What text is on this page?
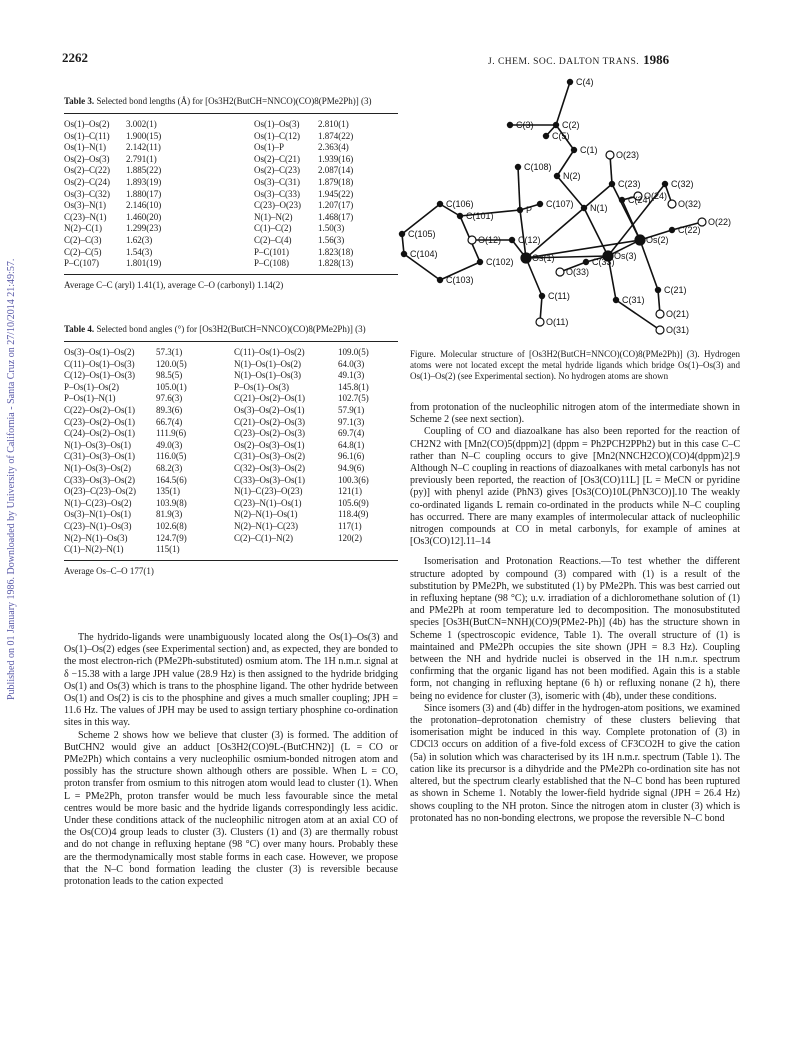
2262	J. CHEM. SOC. DALTON TRANS. 1986
Published on 01 January 1986. Downloaded by University of California - Santa Cruz on 27/10/2014 21:49:57.
Table 3. Selected bond lengths (Å) for [Os3H2(ButCH=NNCO)(CO)8(PMe2Ph)] (3)
Os(1)–Os(2)	3.002(1)	Os(1)–Os(3)	2.810(1)
Os(1)–C(11)	1.900(15)	Os(1)–C(12)	1.874(22)
Os(1)–N(1)	2.142(11)	Os(1)–P	2.363(4)
Os(2)–Os(3)	2.791(1)	Os(2)–C(21)	1.939(16)
Os(2)–C(22)	1.885(22)	Os(2)–C(23)	2.087(14)
Os(2)–C(24)	1.893(19)	Os(3)–C(31)	1.879(18)
Os(3)–C(32)	1.880(17)	Os(3)–C(33)	1.945(22)
Os(3)–N(1)	2.146(10)	C(23)–O(23)	1.207(17)
C(23)–N(1)	1.460(20)	N(1)–N(2)	1.468(17)
N(2)–C(1)	1.299(23)	C(1)–C(2)	1.50(3)
C(2)–C(3)	1.62(3)	C(2)–C(4)	1.56(3)
C(2)–C(5)	1.54(3)	P–C(101)	1.823(18)
P–C(107)	1.801(19)	P–C(108)	1.828(13)
Average C–C (aryl) 1.41(1), average C–O (carbonyl) 1.14(2)
Table 4. Selected bond angles (°) for [Os3H2(ButCH=NNCO)(CO)8(PMe2Ph)] (3)
Os(3)–Os(1)–Os(2)	57.3(1)	C(11)–Os(1)–Os(2)	109.0(5)
C(11)–Os(1)–Os(3)	120.0(5)	N(1)–Os(1)–Os(2)	64.0(3)
C(12)–Os(1)–Os(3)	98.5(5)	N(1)–Os(1)–Os(3)	49.1(3)
P–Os(1)–Os(2)	105.0(1)	P–Os(1)–Os(3)	145.8(1)
P–Os(1)–N(1)	97.6(3)	C(21)–Os(2)–Os(1)	102.7(5)
C(22)–Os(2)–Os(1)	89.3(6)	Os(3)–Os(2)–Os(1)	57.9(1)
C(23)–Os(2)–Os(1)	66.7(4)	C(21)–Os(2)–Os(3)	97.1(3)
C(24)–Os(2)–Os(1)	111.9(6)	C(23)–Os(2)–Os(3)	69.7(4)
N(1)–Os(3)–Os(1)	49.0(3)	Os(2)–Os(3)–Os(1)	64.8(1)
C(31)–Os(3)–Os(1)	116.0(5)	C(31)–Os(3)–Os(2)	96.1(6)
N(1)–Os(3)–Os(2)	68.2(3)	C(32)–Os(3)–Os(2)	94.9(6)
C(33)–Os(3)–Os(2)	164.5(6)	C(33)–Os(3)–Os(1)	100.3(6)
O(23)–C(23)–Os(2)	135(1)	N(1)–C(23)–O(23)	121(1)
N(1)–C(23)–Os(2)	103.9(8)	C(23)–N(1)–Os(1)	105.6(9)
Os(3)–N(1)–Os(1)	81.9(3)	N(2)–N(1)–Os(1)	118.4(9)
C(23)–N(1)–Os(3)	102.6(8)	N(2)–N(1)–C(23)	117(1)
N(2)–N(1)–Os(3)	124.7(9)	C(2)–C(1)–N(2)	120(2)
C(1)–N(2)–N(1)	115(1)		
Average Os–C–O 177(1)
C(4)
C(3)	C(2)
C(5)
C(1) O(23)
C(108)
N(2)
C(23)	C(32)
O(24)
C(24)	O(32)
C(106)	C(107) N(1)
P
C(101)
O(22)
C(22)
C(105)
O(12) C(12)	Os(2)
C(104)	Os(1)	Os(3)
C(102)	C(33)
O(33)
C(103)
C(11)
C(21)
C(31)
O(21)
O(11)
O(31)
Figure. Molecular structure of [Os3H2(ButCH=NNCO)(CO)8(PMe2Ph)] (3). Hydrogen atoms were not located except the metal hydride ligands which bridge Os(1)–Os(3) and Os(1)–Os(2) (see Experimental section). No hydrogen atoms are shown

The hydrido-ligands were unambiguously located along the Os(1)–Os(3) and Os(1)–Os(2) edges (see Experimental section) and, as expected, they are bonded to the most electron-rich (PMe2Ph-substituted) osmium atom. The 1H n.m.r. signal at δ −15.38 with a large JPH value (28.9 Hz) is then assigned to the hydride bridging Os(1) and Os(3) which is trans to the phosphine ligand. The other hydride between Os(1) and Os(2) is cis to the phosphine and gives a much smaller coupling; JPH = 11.6 Hz. The values of JPH may be used to assign tertiary phosphine co-ordination sites in this way.

Scheme 2 shows how we believe that cluster (3) is formed. The addition of ButCHN2 would give an adduct [Os3H2(CO)9L-(ButCHN2)] (L = CO or PMe2Ph) which contains a very nucleophilic osmium-bonded nitrogen atom and possibly has the structure shown although others are possible. When L = CO, proton transfer from osmium to this nitrogen atom would lead to cluster (1). When L = PMe2Ph, proton transfer would be much less favourable since the metal centres would be more basic and the hydride ligands correspondingly less acidic. Under these conditions attack of the nucleophilic nitrogen atom at an axial CO of the Os(CO)4 group leads to cluster (3). Clusters (1) and (3) are thermally robust and do not change in refluxing heptane (98 °C) over many hours. Probably these are the thermodynamically most stable forms in each case. However, we propose that the N–C bond formation leading the cluster (3) is reversible because protonation leads to the cation expected

from protonation of the nucleophilic nitrogen atom of the intermediate shown in Scheme 2 (see next section).

Coupling of CO and diazoalkane has also been reported for the reaction of CH2N2 with [Mn2(CO)5(dppm)2] (dppm = Ph2PCH2PPh2) but in this case C–C rather than N–C coupling occurs to give [Mn2(NNCH2CO)(CO)4(dppm)2].9 Although N–C coupling in reactions of diazoalkanes with metal carbonyls has not previously been reported, the reaction of [Os3(CO)11L] [L = MeCN or pyridine (py)] with phenyl azide (PhN3) gives [Os3(CO)10L(PhN3CO)].10 The weakly co-ordinated ligands L remain co-ordinated in the products while N–C coupling has occurred. There are many examples of intermolecular attack of nucleophilic nitrogen compounds at CO in metal carbonyls, for example of amines at [Os3(CO)12].11–14

Isomerisation and Protonation Reactions.—To test whether the different structure adopted by compound (3) compared with (1) is a result of the substitution by PMe2Ph, we substituted (1) by PMe2Ph. This was best carried out in refluxing heptane (98 °C); u.v. irradiation of a dichloromethane solution of (1) and PMe2Ph at room temperature led to decomposition. The monosubstituted species [Os3H(ButCN=NNH)(CO)9(PMe2-Ph)] (4b) has the structure shown in Scheme 1 (spectroscopic evidence, Table 1). The overall structure of (1) is maintained and PMe2Ph occupies the site shown (JPH = 8.3 Hz). Coupling between the NH and hydride nuclei is observed in the 1H n.m.r. spectrum confirming that the organic ligand has not been modified. Again this is a stable form, not changing in refluxing heptane (6 h) or refluxing nonane (2 h), there being no evidence for cluster (3), isomeric with (4b), under these conditions.

Since isomers (3) and (4b) differ in the hydrogen-atom positions, we examined the protonation–deprotonation chemistry of these clusters believing that isomerisation might be induced in this way. Complete protonation of (3) in CDCl3 occurs on addition of a five-fold excess of CF3CO2H to give the cation (5a) in solution which was characterised by its 1H n.m.r. spectrum (Table 1). The cation like its precursor is a dihydride and the PMe2Ph co-ordination site has not altered, but the spectrum clearly established that the N–C bond has been ruptured as shown in Scheme 1. Notably the lower-field hydride signal (JPH = 26.4 Hz) shows coupling to the NH proton. Since the nitrogen atom in cluster (3) which is protonated has no non-bonding electrons, we propose the reversible N–C bond
